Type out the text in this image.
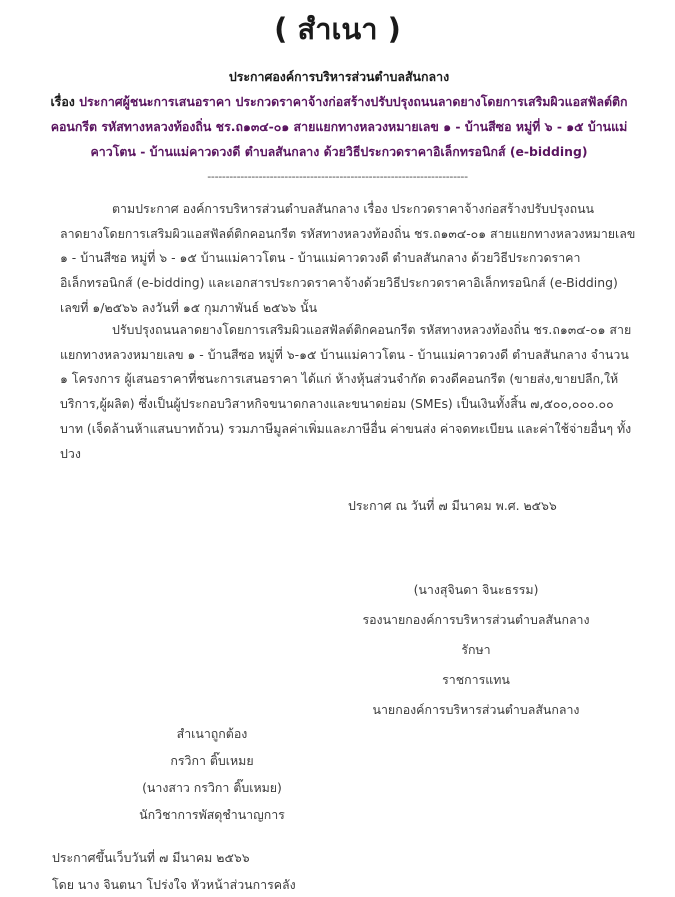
( สำเนา )
ประกาศองค์การบริหารส่วนตำบลสันกลาง
เรื่อง ประกาศผู้ชนะการเสนอราคา ประกวดราคาจ้างก่อสร้างปรับปรุงถนนลาดยางโดยการเสริมผิวแอสฟัลต์ติกคอนกรีต รหัสทางหลวงท้องถิ่น ชร.ถ๑๓๔-๐๑ สายแยกทางหลวงหมายเลข ๑ - บ้านสีซอ หมู่ที่ ๖ - ๑๕ บ้านแม่คาวโตน - บ้านแม่คาวดวงดี ตำบลสันกลาง ด้วยวิธีประกวดราคาอิเล็กทรอนิกส์ (e-bidding)
-----------------------------------------------------------------------
ตามประกาศ องค์การบริหารส่วนตำบลสันกลาง เรื่อง ประกวดราคาจ้างก่อสร้างปรับปรุงถนนลาดยางโดยการเสริมผิวแอสฟัลต์ติกคอนกรีต รหัสทางหลวงท้องถิ่น ชร.ถ๑๓๔-๐๑ สายแยกทางหลวงหมายเลข ๑ - บ้านสีซอ หมู่ที่ ๖ - ๑๕ บ้านแม่คาวโตน - บ้านแม่คาวดวงดี ตำบลสันกลาง ด้วยวิธีประกวดราคาอิเล็กทรอนิกส์ (e-bidding) และเอกสารประกวดราคาจ้างด้วยวิธีประกวดราคาอิเล็กทรอนิกส์ (e-Bidding) เลขที่ ๑/๒๕๖๖ ลงวันที่ ๑๕ กุมภาพันธ์ ๒๕๖๖ นั้น
ปรับปรุงถนนลาดยางโดยการเสริมผิวแอสฟัลต์ติกคอนกรีต รหัสทางหลวงท้องถิ่น ชร.ถ๑๓๔-๐๑ สายแยกทางหลวงหมายเลข ๑ - บ้านสีซอ หมู่ที่ ๖-๑๕ บ้านแม่คาวโตน - บ้านแม่คาวดวงดี ตำบลสันกลาง จำนวน ๑ โครงการ ผู้เสนอราคาที่ชนะการเสนอราคา ได้แก่ ห้างหุ้นส่วนจำกัด ดวงดีคอนกรีต (ขายส่ง,ขายปลีก,ให้บริการ,ผู้ผลิต) ซึ่งเป็นผู้ประกอบวิสาหกิจขนาดกลางและขนาดย่อม (SMEs) เป็นเงินทั้งสิ้น ๗,๕๐๐,๐๐๐.๐๐ บาท (เจ็ดล้านห้าแสนบาทถ้วน) รวมภาษีมูลค่าเพิ่มและภาษีอื่น ค่าขนส่ง ค่าจดทะเบียน และค่าใช้จ่ายอื่นๆ ทั้งปวง
ประกาศ ณ วันที่ ๗ มีนาคม พ.ศ. ๒๕๖๖
(นางสุจินดา จินะธรรม)
รองนายกองค์การบริหารส่วนตำบลสันกลาง รักษา
ราชการแทน
นายกองค์การบริหารส่วนตำบลสันกลาง
สำเนาถูกต้อง
กรวิกา ติ๊บเหมย
(นางสาว กรวิกา ติ๊บเหมย)
นักวิชาการพัสดุชำนาญการ
ประกาศขึ้นเว็บวันที่ ๗ มีนาคม ๒๕๖๖
โดย นาง จินตนา โปร่งใจ หัวหน้าส่วนการคลัง
